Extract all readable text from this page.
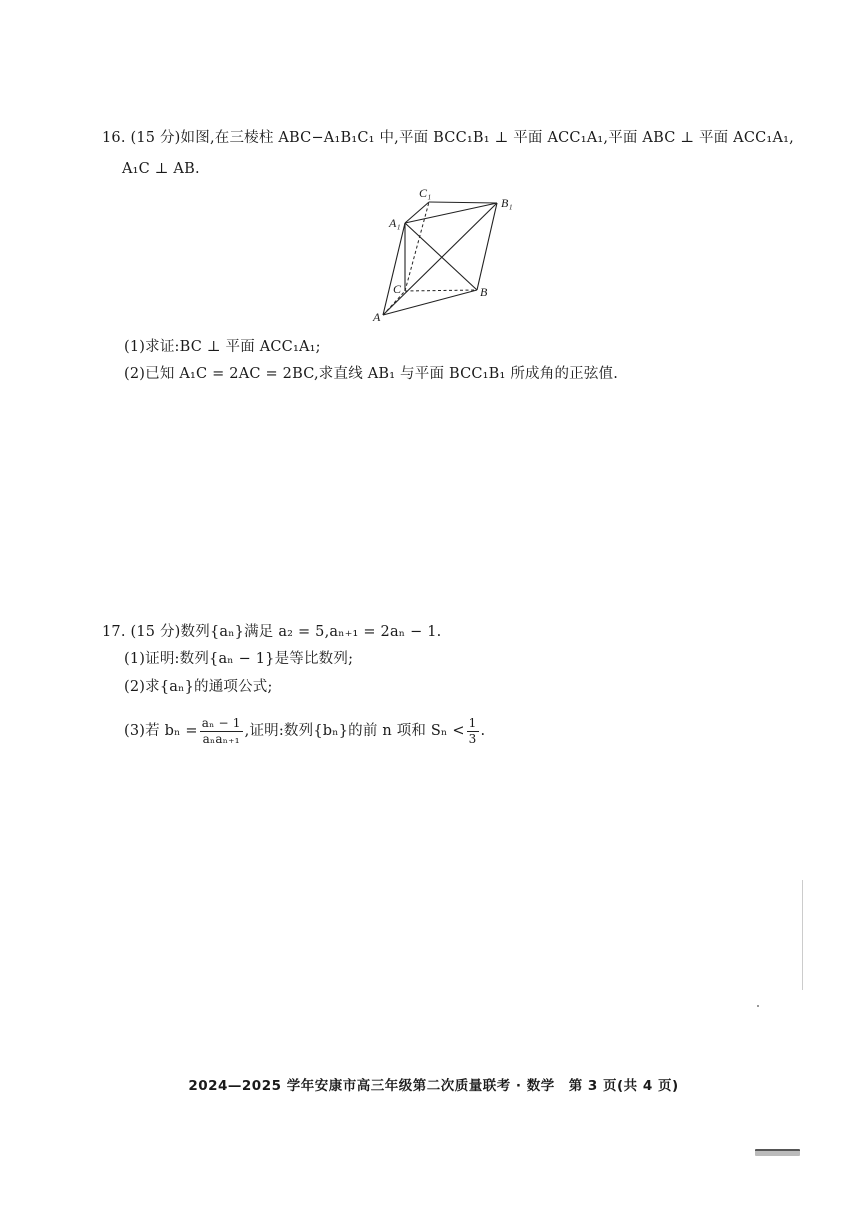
16. (15 分)如图,在三棱柱 ABC−A₁B₁C₁ 中,平面 BCC₁B₁ ⊥ 平面 ACC₁A₁,平面 ABC ⊥ 平面 ACC₁A₁,
A₁C ⊥ AB.
C₁
B₁
A₁
C	B
A
(1)求证:BC ⊥ 平面 ACC₁A₁;
(2)已知 A₁C = 2AC = 2BC,求直线 AB₁ 与平面 BCC₁B₁ 所成角的正弦值.
17. (15 分)数列{aₙ}满足 a₂ = 5,aₙ₊₁ = 2aₙ − 1.
(1)证明:数列{aₙ − 1}是等比数列;
(2)求{aₙ}的通项公式;
(3)若 bₙ =
aₙ − 1
aₙaₙ₊₁ ,证明:数列{bₙ}的前 n 项和 $S_n < \frac{1}{3}$ .
2024—2025 学年安康市高三年级第二次质量联考 · 数学　第 3 页(共 4 页)
